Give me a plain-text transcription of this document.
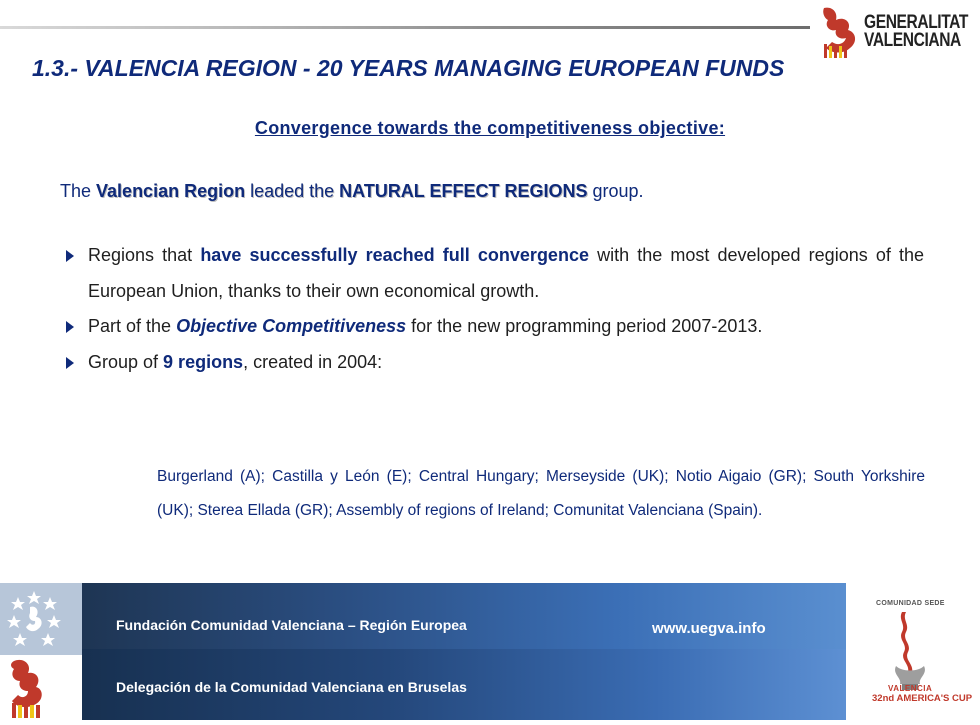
GENERALITAT
VALENCIANA
1.3.- VALENCIA REGION - 20 YEARS MANAGING EUROPEAN FUNDS
Convergence towards the competitiveness objective:

The Valencian Region leaded the NATURAL EFFECT REGIONS group.

Regions that have successfully reached full convergence with the most developed regions of the European Union, thanks to their own economical growth.
Part of the Objective Competitiveness for the new programming period 2007-2013.
Group of 9 regions, created in 2004:

Burgerland (A); Castilla y León (E); Central Hungary; Merseyside (UK); Notio Aigaio (GR); South Yorkshire (UK); Sterea Ellada (GR); Assembly of regions of Ireland; Comunitat Valenciana (Spain).

Fundación Comunidad Valenciana – Región Europea
Delegación de la Comunidad Valenciana en Bruselas
www.uegva.info
COMUNIDAD SEDE
VALENCIA
32nd AMERICA'S CUP
